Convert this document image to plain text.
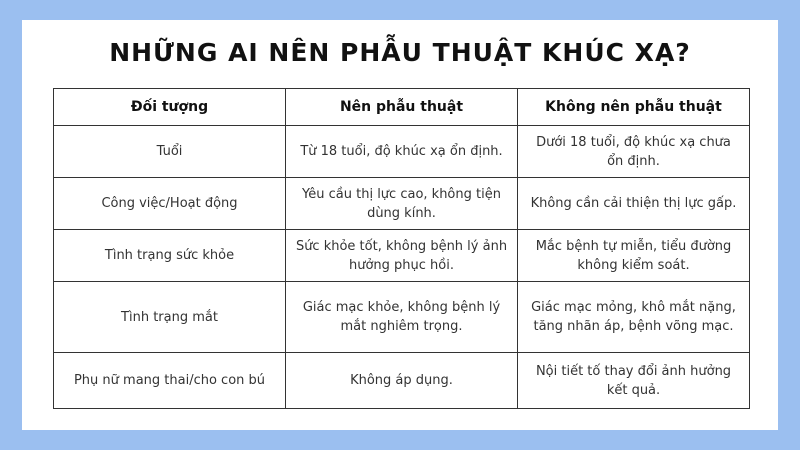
NHỮNG AI NÊN PHẪU THUẬT KHÚC XẠ?
Đối tượng	Nên phẫu thuật	Không nên phẫu thuật
Tuổi	Từ 18 tuổi, độ khúc xạ ổn định.	Dưới 18 tuổi, độ khúc xạ chưa ổn định.
Công việc/Hoạt động	Yêu cầu thị lực cao, không tiện dùng kính.	Không cần cải thiện thị lực gấp.
Tình trạng sức khỏe	Sức khỏe tốt, không bệnh lý ảnh hưởng phục hồi.	Mắc bệnh tự miễn, tiểu đường không kiểm soát.
Tình trạng mắt	Giác mạc khỏe, không bệnh lý mắt nghiêm trọng.	Giác mạc mỏng, khô mắt nặng, tăng nhãn áp, bệnh võng mạc.
Phụ nữ mang thai/cho con bú	Không áp dụng.	Nội tiết tố thay đổi ảnh hưởng kết quả.
